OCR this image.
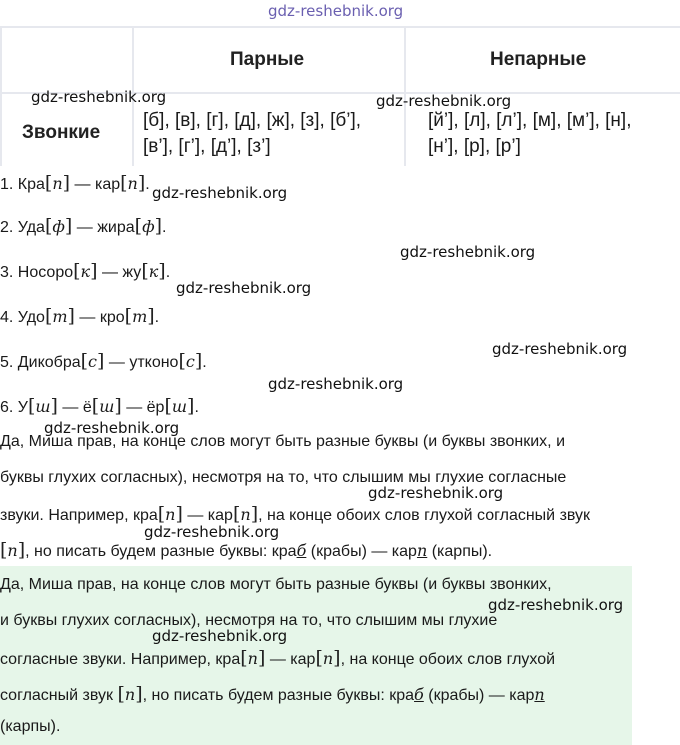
gdz-reshebnik.org
Парные	Непарные
Звонкие
[б], [в], [г], [д], [ж], [з], [б’],
[в’], [г’], [д’], [з’]
[й’], [л], [л’], [м], [м’], [н],
[н’], [р], [р’]
1. Кра[п] — кар[п].
2. Уда[ф] — жира[ф].
3. Носоро[к] — жу[к].
4. Удо[т] — кро[т].
5. Дикобра[с] — утконо[с].
6. У[ш] — ё[ш] — ёр[ш].
Да, Миша прав, на конце слов могут быть разные буквы (и буквы звонких, и
буквы глухих согласных), несмотря на то, что слышим мы глухие согласные
звуки. Например, кра[п] — кар[п], на конце обоих слов глухой согласный звук
[п], но писать будем разные буквы: краб (крабы) — карп (карпы).
Да, Миша прав, на конце слов могут быть разные буквы (и буквы звонких,
и буквы глухих согласных), несмотря на то, что слышим мы глухие
согласные звуки. Например, кра[п] — кар[п], на конце обоих слов глухой
согласный звук [п], но писать будем разные буквы: краб (крабы) — карп
(карпы).
gdz-reshebnik.org	gdz-reshebnik.org
gdz-reshebnik.org
gdz-reshebnik.org
gdz-reshebnik.org
gdz-reshebnik.org
gdz-reshebnik.org
gdz-reshebnik.org
gdz-reshebnik.org
gdz-reshebnik.org
gdz-reshebnik.org
gdz-reshebnik.org
